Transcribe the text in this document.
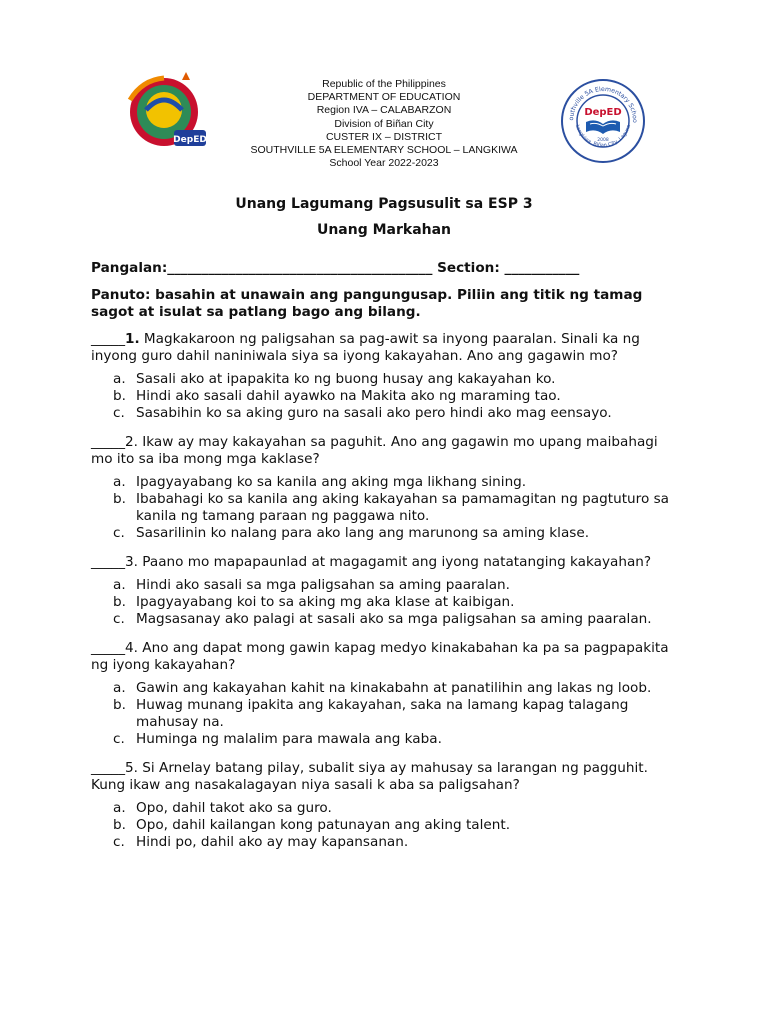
DepED
Republic of the Philippines
DEPARTMENT OF EDUCATION
Region IVA – CALABARZON
Division of Biñan City
CUSTER IX – DISTRICT
SOUTHVILLE 5A ELEMENTARY SCHOOL – LANGKIWA
School Year 2022-2023
outhville 5A Elementary Schoo
Langkiwa, Biñan City, Laguna
DepED
2008
Unang Lagumang Pagsusulit sa ESP 3
Unang Markahan
Pangalan:_______________________________________ Section: ___________
Panuto: basahin at unawain ang pangungusap. Piliin ang titik ng tamag sagot at isulat sa patlang bago ang bilang.

_____1. Magkakaroon ng paligsahan sa pag-awit sa inyong paaralan. Sinali ka ng inyong guro dahil naniniwala siya sa iyong kakayahan. Ano ang gagawin mo?

a. Sasali ako at ipapakita ko ng buong husay ang kakayahan ko.
b. Hindi ako sasali dahil ayawko na Makita ako ng maraming tao.
c. Sasabihin ko sa aking guro na sasali ako pero hindi ako mag eensayo.

_____2. Ikaw ay may kakayahan sa paguhit. Ano ang gagawin mo upang maibahagi mo ito sa iba mong mga kaklase?

a. Ipagyayabang ko sa kanila ang aking mga likhang sining.
b. Ibabahagi ko sa kanila ang aking kakayahan sa pamamagitan ng pagtuturo sa kanila ng tamang paraan ng paggawa nito.
c. Sasarilinin ko nalang para ako lang ang marunong sa aming klase.

_____3. Paano mo mapapaunlad at magagamit ang iyong natatanging kakayahan?

a. Hindi ako sasali sa mga paligsahan sa aming paaralan.
b. Ipagyayabang koi to sa aking mg aka klase at kaibigan.
c. Magsasanay ako palagi at sasali ako sa mga paligsahan sa aming paaralan.

_____4. Ano ang dapat mong gawin kapag medyo kinakabahan ka pa sa pagpapakita ng iyong kakayahan?

a. Gawin ang kakayahan kahit na kinakabahn at panatilihin ang lakas ng loob.
b. Huwag munang ipakita ang kakayahan, saka na lamang kapag talagang mahusay na.
c. Huminga ng malalim para mawala ang kaba.

_____5. Si Arnelay batang pilay, subalit siya ay mahusay sa larangan ng pagguhit. Kung ikaw ang nasakalagayan niya sasali k aba sa paligsahan?

a. Opo, dahil takot ako sa guro.
b. Opo, dahil kailangan kong patunayan ang aking talent.
c. Hindi po, dahil ako ay may kapansanan.
